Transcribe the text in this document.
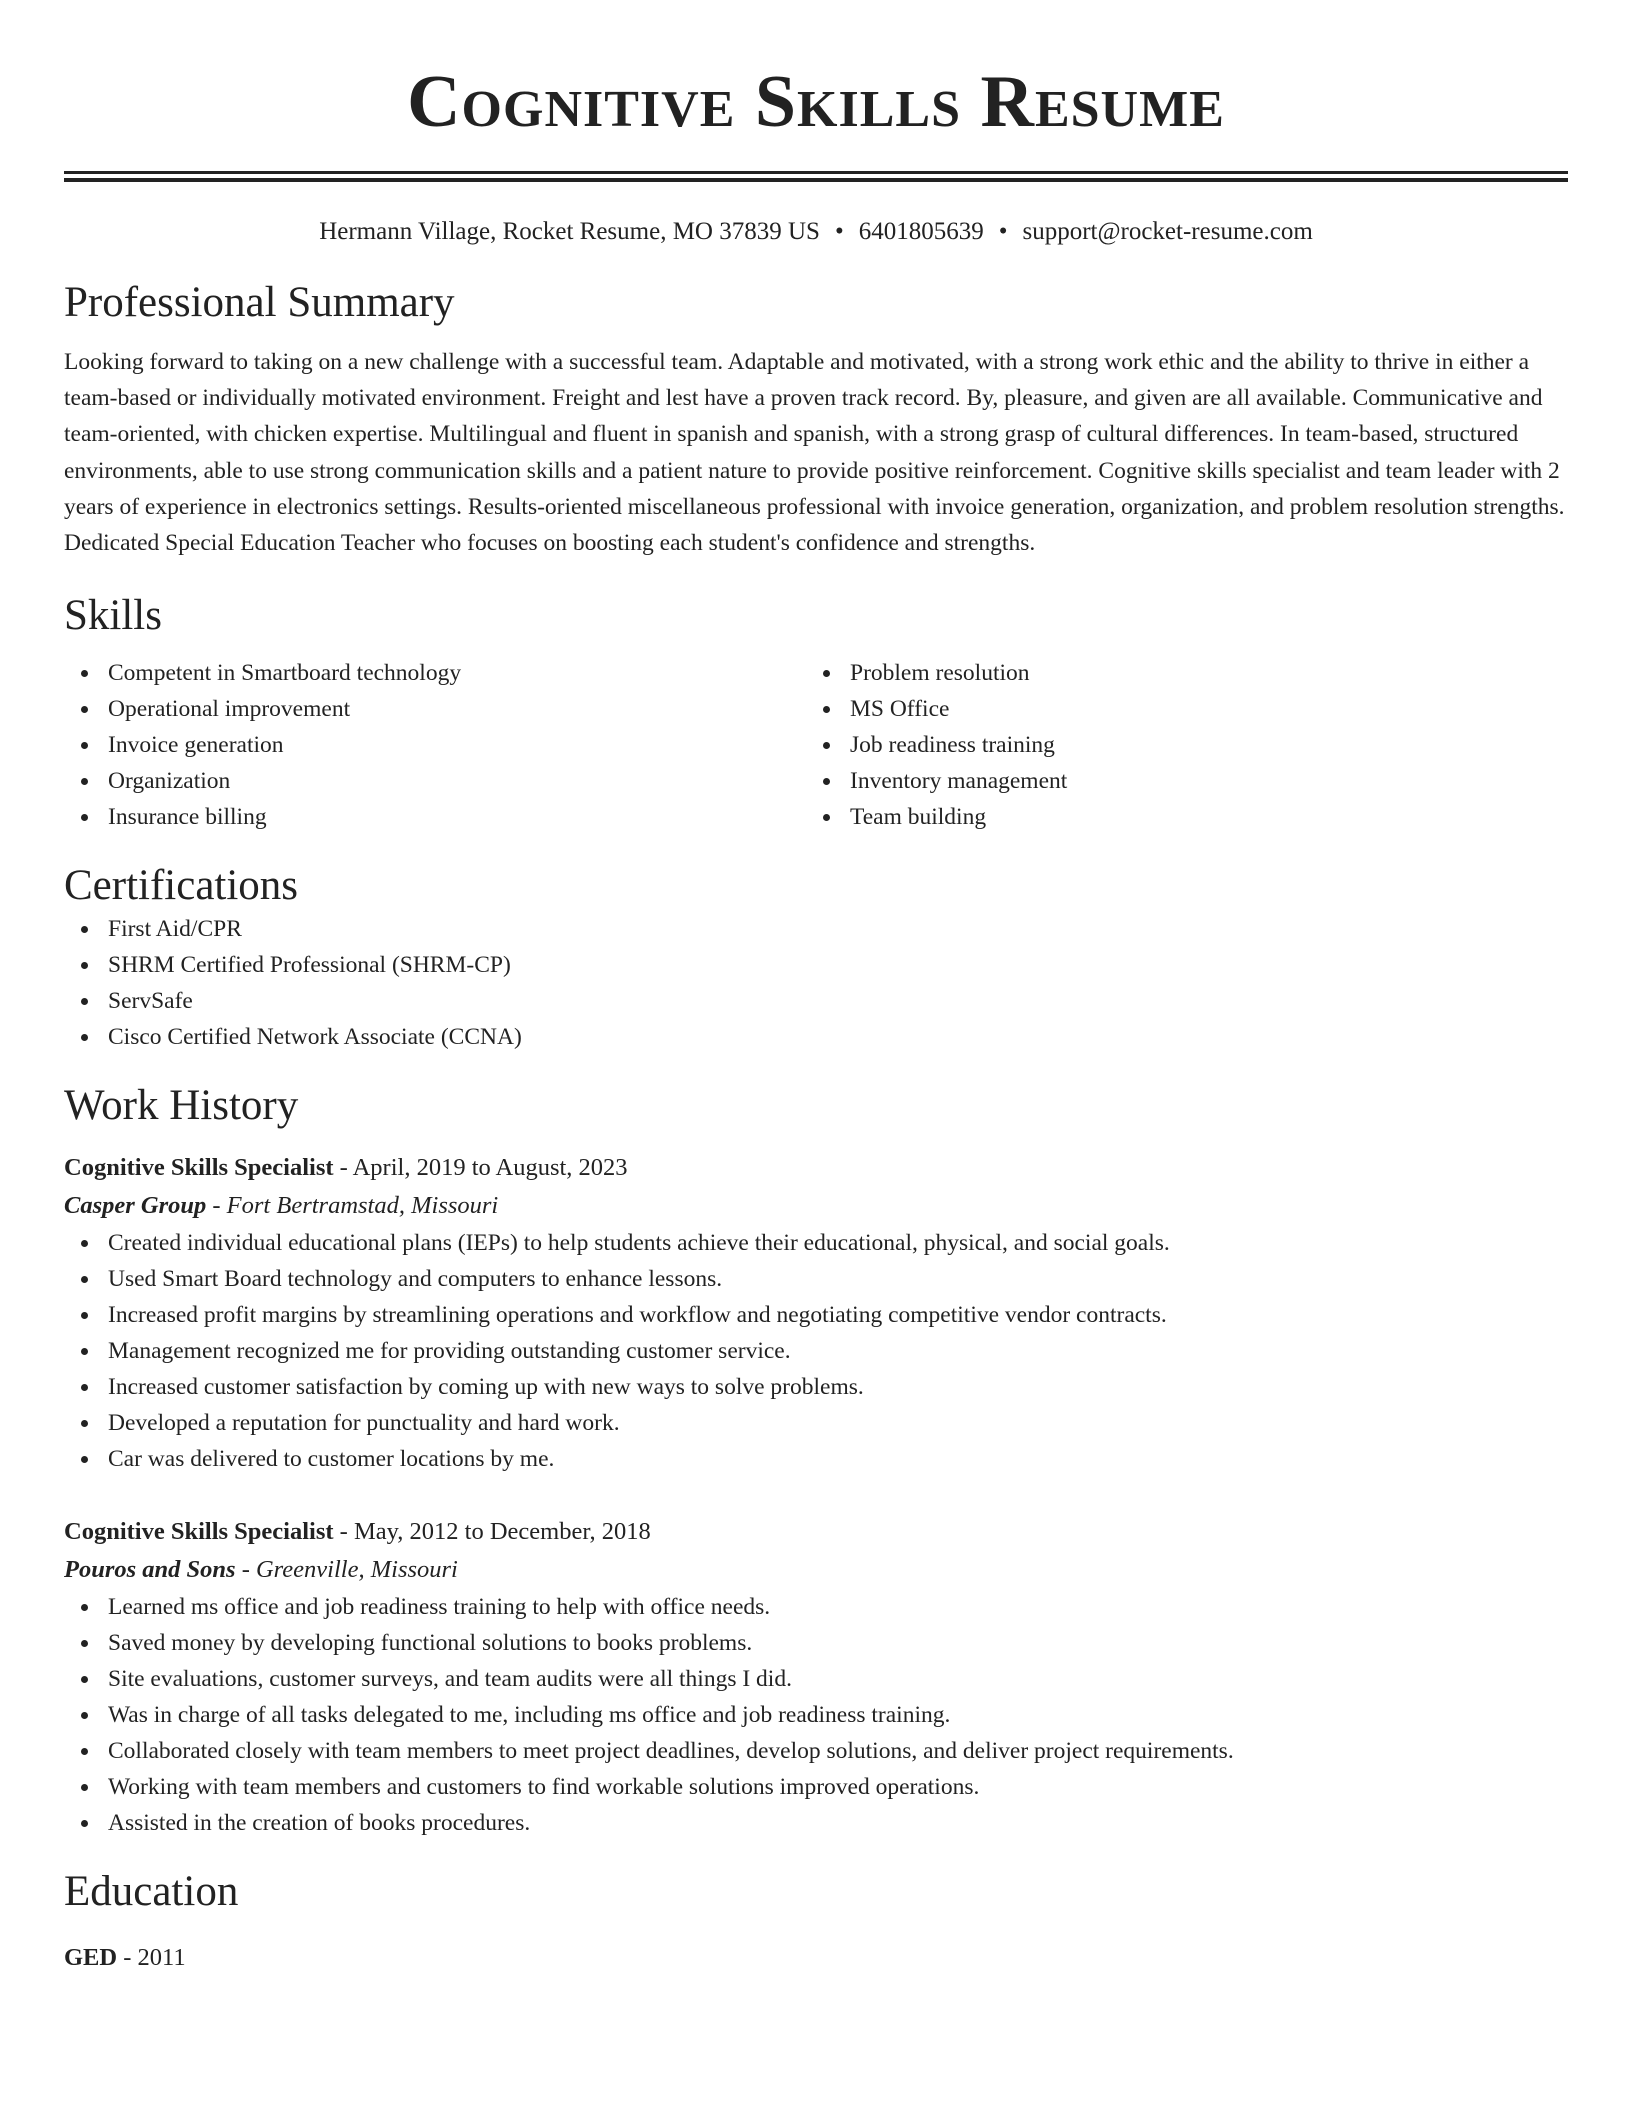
Cognitive Skills Resume
Hermann Village, Rocket Resume, MO 37839 US • 6401805639 • support@rocket-resume.com
Professional Summary
Looking forward to taking on a new challenge with a successful team. Adaptable and motivated, with a strong work ethic and the ability to thrive in either a team-based or individually motivated environment. Freight and lest have a proven track record. By, pleasure, and given are all available. Communicative and team-oriented, with chicken expertise. Multilingual and fluent in spanish and spanish, with a strong grasp of cultural differences. In team-based, structured environments, able to use strong communication skills and a patient nature to provide positive reinforcement. Cognitive skills specialist and team leader with 2 years of experience in electronics settings. Results-oriented miscellaneous professional with invoice generation, organization, and problem resolution strengths. Dedicated Special Education Teacher who focuses on boosting each student's confidence and strengths.
Skills
Competent in Smartboard technology
Operational improvement
Invoice generation
Organization
Insurance billing
Problem resolution
MS Office
Job readiness training
Inventory management
Team building
Certifications
First Aid/CPR
SHRM Certified Professional (SHRM-CP)
ServSafe
Cisco Certified Network Associate (CCNA)
Work History
Cognitive Skills Specialist - April, 2019 to August, 2023
Casper Group - Fort Bertramstad, Missouri
Created individual educational plans (IEPs) to help students achieve their educational, physical, and social goals.
Used Smart Board technology and computers to enhance lessons.
Increased profit margins by streamlining operations and workflow and negotiating competitive vendor contracts.
Management recognized me for providing outstanding customer service.
Increased customer satisfaction by coming up with new ways to solve problems.
Developed a reputation for punctuality and hard work.
Car was delivered to customer locations by me.
Cognitive Skills Specialist - May, 2012 to December, 2018
Pouros and Sons - Greenville, Missouri
Learned ms office and job readiness training to help with office needs.
Saved money by developing functional solutions to books problems.
Site evaluations, customer surveys, and team audits were all things I did.
Was in charge of all tasks delegated to me, including ms office and job readiness training.
Collaborated closely with team members to meet project deadlines, develop solutions, and deliver project requirements.
Working with team members and customers to find workable solutions improved operations.
Assisted in the creation of books procedures.
Education
GED - 2011
